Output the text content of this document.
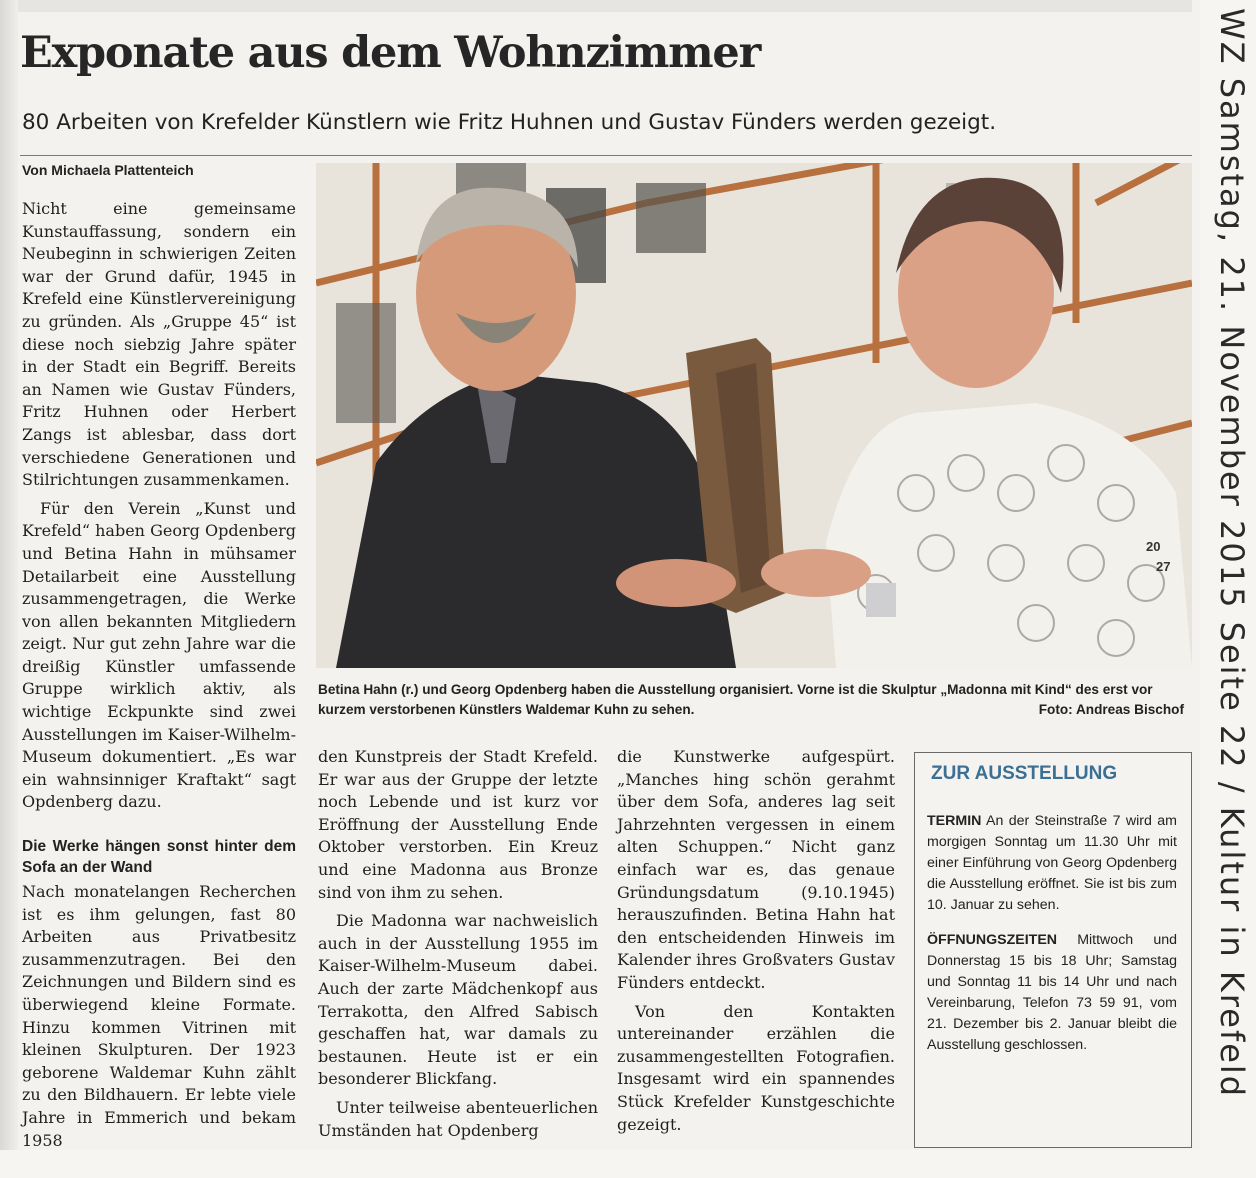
Exponate aus dem Wohnzimmer

80 Arbeiten von Krefelder Künstlern wie Fritz Huhnen und Gustav Fünders werden gezeigt.

Von Michaela Plattenteich

Nicht eine gemeinsame Kunstauffassung, sondern ein Neubeginn in schwierigen Zeiten war der Grund dafür, 1945 in Krefeld eine Künstlervereinigung zu gründen. Als „Gruppe 45“ ist diese noch siebzig Jahre später in der Stadt ein Begriff. Bereits an Namen wie Gustav Fünders, Fritz Huhnen oder Herbert Zangs ist ablesbar, dass dort verschiedene Generationen und Stilrichtungen zusammenkamen.

Für den Verein „Kunst und Krefeld“ haben Georg Opdenberg und Betina Hahn in mühsamer Detailarbeit eine Ausstellung zusammengetragen, die Werke von allen bekannten Mitgliedern zeigt. Nur gut zehn Jahre war die dreißig Künstler umfassende Gruppe wirklich aktiv, als wichtige Eckpunkte sind zwei Ausstellungen im Kaiser-Wilhelm-Museum dokumentiert. „Es war ein wahnsinniger Kraftakt“ sagt Opdenberg dazu.

Die Werke hängen sonst hinter dem Sofa an der Wand

Nach monatelangen Recherchen ist es ihm gelungen, fast 80 Arbeiten aus Privatbesitz zusammenzutragen. Bei den Zeichnungen und Bildern sind es überwiegend kleine Formate. Hinzu kommen Vitrinen mit kleinen Skulpturen. Der 1923 geborene Waldemar Kuhn zählt zu den Bildhauern. Er lebte viele Jahre in Emmerich und bekam 1958

20
27
Betina Hahn (r.) und Georg Opdenberg haben die Ausstellung organisiert. Vorne ist die Skulptur „Madonna mit Kind“ des erst vor kurzem verstorbenen Künstlers Waldemar Kuhn zu sehen.	Foto: Andreas Bischof

den Kunstpreis der Stadt Krefeld. Er war aus der Gruppe der letzte noch Lebende und ist kurz vor Eröffnung der Ausstellung Ende Oktober verstorben. Ein Kreuz und eine Madonna aus Bronze sind von ihm zu sehen.

Die Madonna war nachweislich auch in der Ausstellung 1955 im Kaiser-Wilhelm-Museum dabei. Auch der zarte Mädchenkopf aus Terrakotta, den Alfred Sabisch geschaffen hat, war damals zu bestaunen. Heute ist er ein besonderer Blickfang.

Unter teilweise abenteuerlichen Umständen hat Opdenberg

die Kunstwerke aufgespürt. „Manches hing schön gerahmt über dem Sofa, anderes lag seit Jahrzehnten vergessen in einem alten Schuppen.“ Nicht ganz einfach war es, das genaue Gründungsdatum (9.10.1945) herauszufinden. Betina Hahn hat den entscheidenden Hinweis im Kalender ihres Großvaters Gustav Fünders entdeckt.

Von den Kontakten untereinander erzählen die zusammengestellten Fotografien. Insgesamt wird ein spannendes Stück Krefelder Kunstgeschichte gezeigt.

ZUR AUSSTELLUNG

TERMIN An der Steinstraße 7 wird am morgigen Sonntag um 11.30 Uhr mit einer Einführung von Georg Opdenberg die Ausstellung eröffnet. Sie ist bis zum 10. Januar zu sehen.

ÖFFNUNGSZEITEN Mittwoch und Donnerstag 15 bis 18 Uhr; Samstag und Sonntag 11 bis 14 Uhr und nach Vereinbarung, Telefon 73 59 91, vom 21. Dezember bis 2. Januar bleibt die Ausstellung geschlossen.	WZ Samstag, 21. November 2015 Seite 22 / Kultur in Krefeld
